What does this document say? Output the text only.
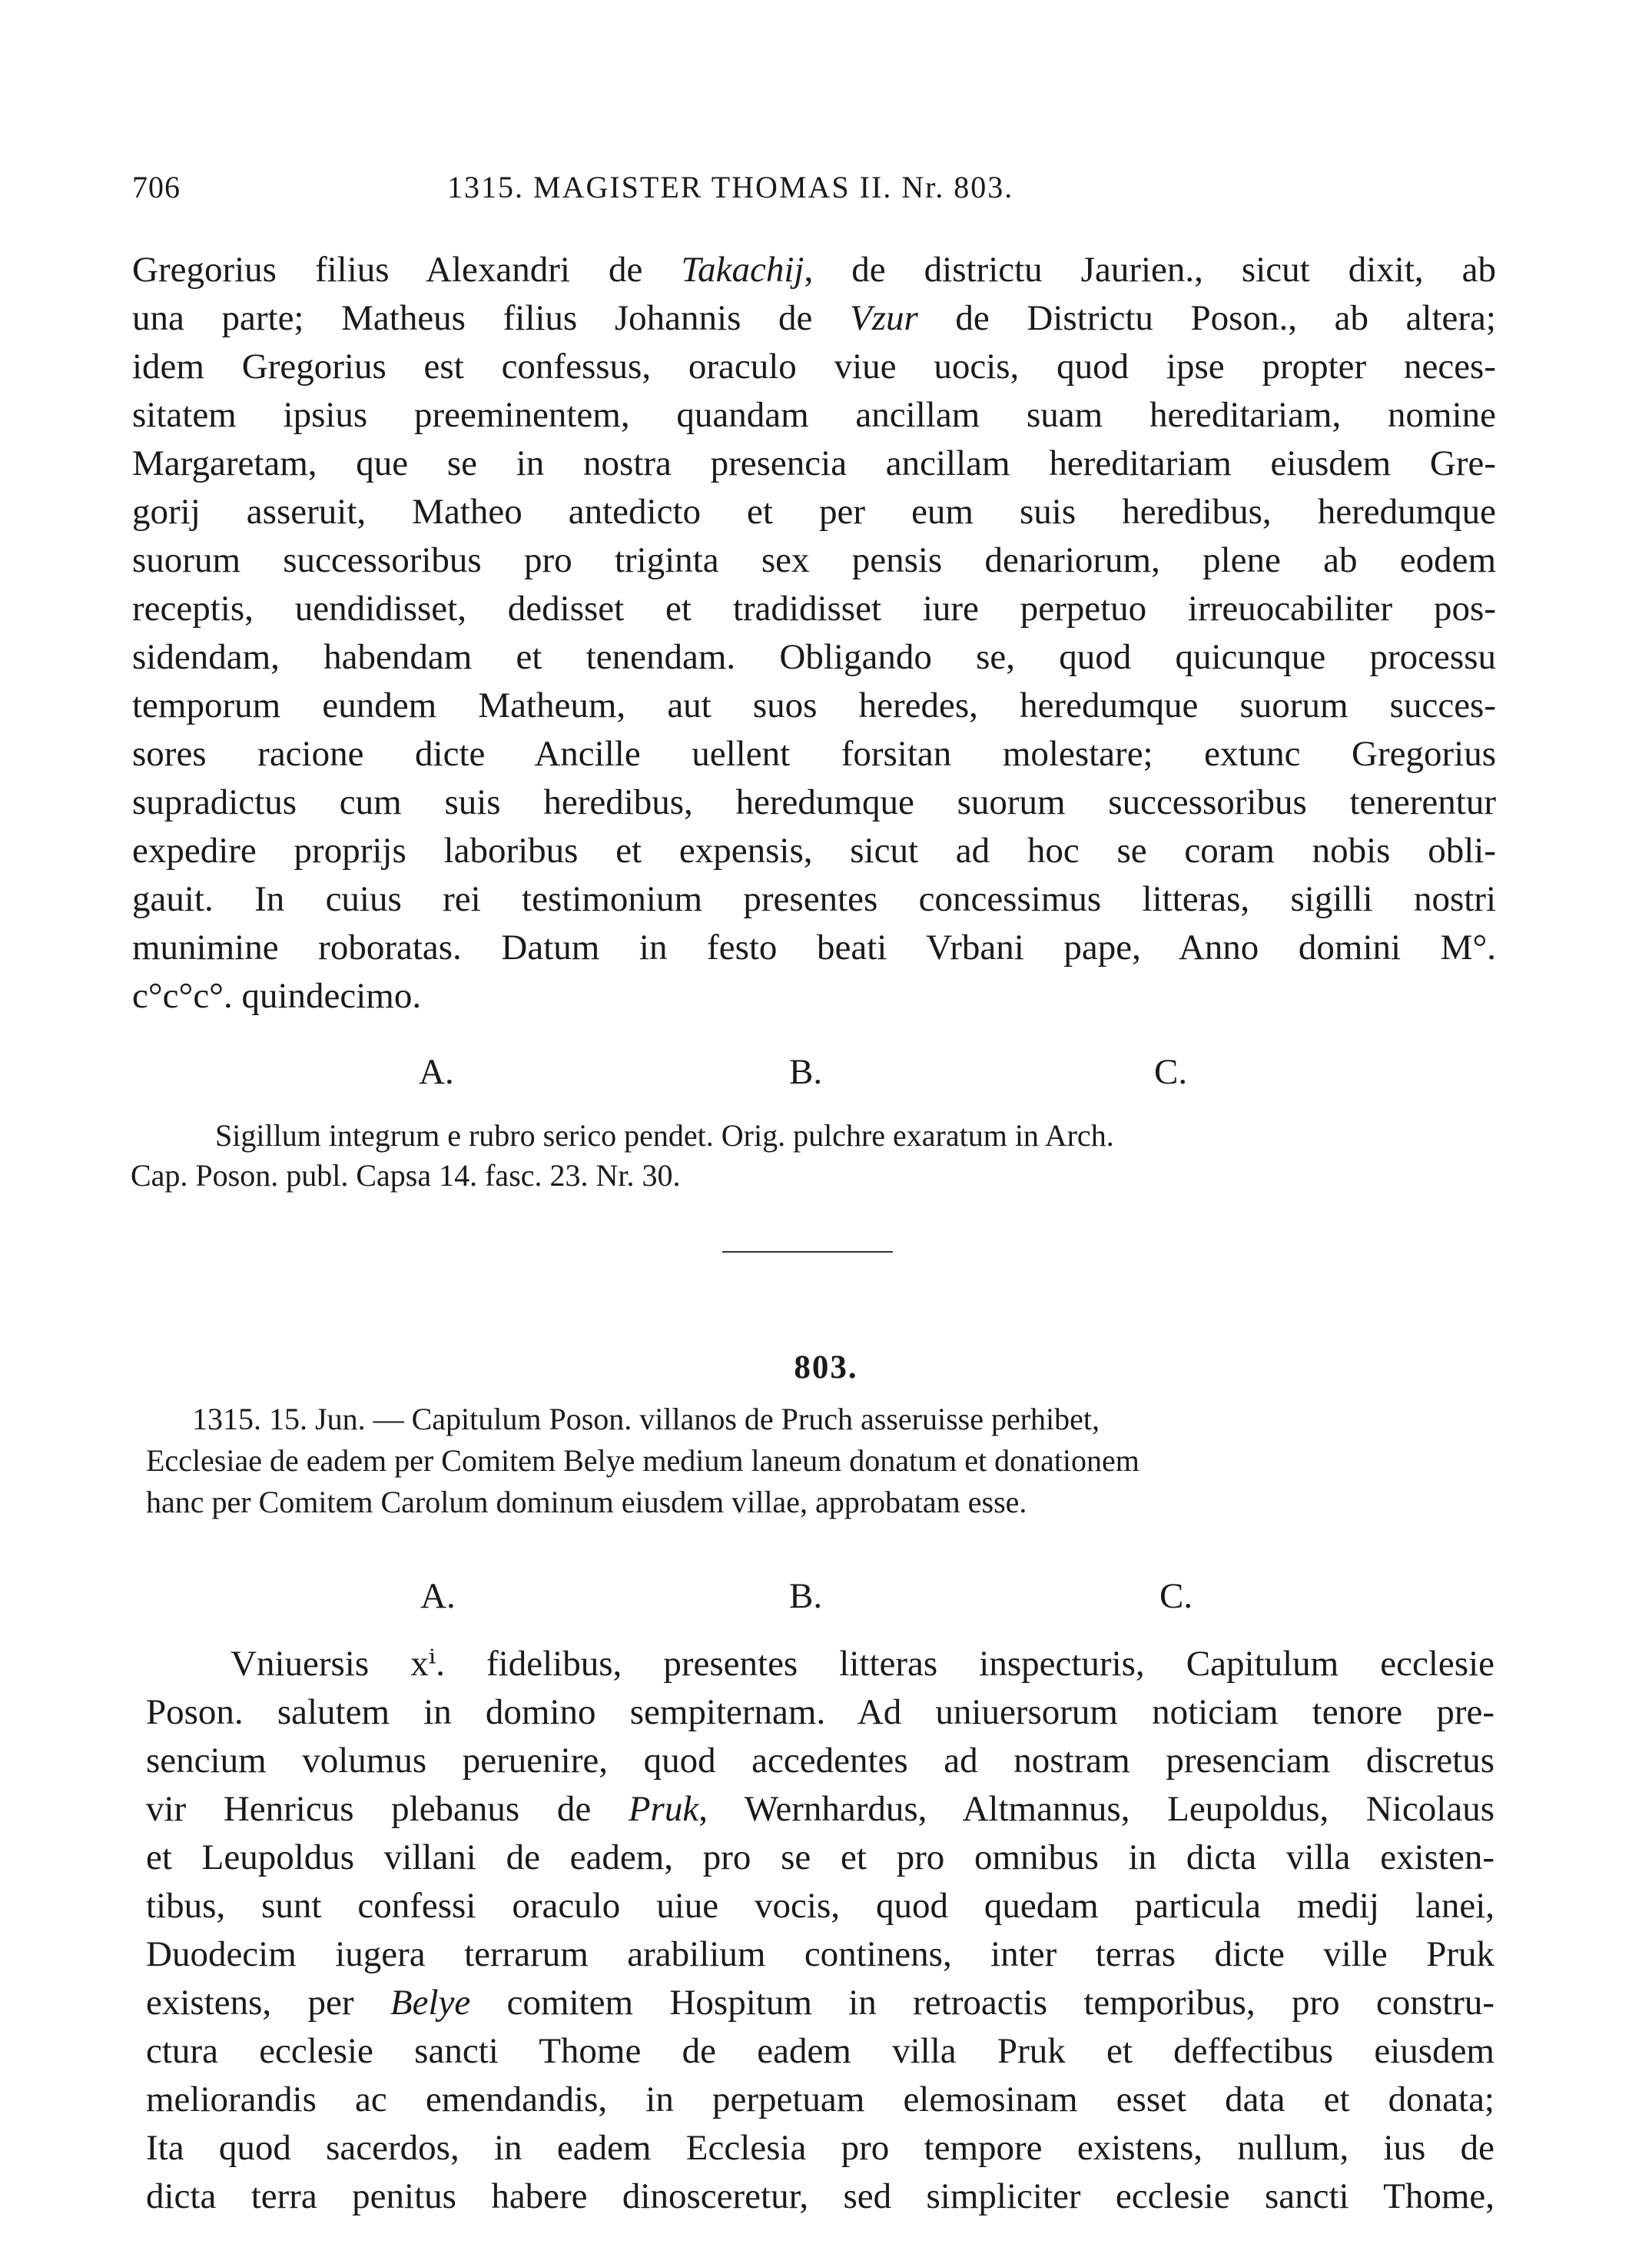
706	1315. MAGISTER THOMAS II. Nr. 803.
Gregorius filius Alexandri de Takachij, de districtu Jaurien., sicut dixit, ab
una parte; Matheus filius Johannis de Vzur de Districtu Poson., ab altera;
idem Gregorius est confessus, oraculo viue uocis, quod ipse propter neces-
sitatem ipsius preeminentem, quandam ancillam suam hereditariam, nomine
Margaretam, que se in nostra presencia ancillam hereditariam eiusdem Gre-
gorij asseruit, Matheo antedicto et per eum suis heredibus, heredumque
suorum successoribus pro triginta sex pensis denariorum, plene ab eodem
receptis, uendidisset, dedisset et tradidisset iure perpetuo irreuocabiliter pos-
sidendam, habendam et tenendam. Obligando se, quod quicunque processu
temporum eundem Matheum, aut suos heredes, heredumque suorum succes-
sores racione dicte Ancille uellent forsitan molestare; extunc Gregorius
supradictus cum suis heredibus, heredumque suorum successoribus tenerentur
expedire proprijs laboribus et expensis, sicut ad hoc se coram nobis obli-
gauit. In cuius rei testimonium presentes concessimus litteras, sigilli nostri
munimine roboratas. Datum in festo beati Vrbani pape, Anno domini M°.
c°c°c°. quindecimo.
A.	B.	C.
Sigillum integrum e rubro serico pendet. Orig. pulchre exaratum in Arch.
Cap. Poson. publ. Capsa 14. fasc. 23. Nr. 30.
803.
1315. 15. Jun. — Capitulum Poson. villanos de Pruch asseruisse perhibet,
Ecclesiae de eadem per Comitem Belye medium laneum donatum et donationem
hanc per Comitem Carolum dominum eiusdem villae, approbatam esse.
A.	B.	C.
Vniuersis xⁱ. fidelibus, presentes litteras inspecturis, Capitulum ecclesie
Poson. salutem in domino sempiternam. Ad uniuersorum noticiam tenore pre-
sencium volumus peruenire, quod accedentes ad nostram presenciam discretus
vir Henricus plebanus de Pruk, Wernhardus, Altmannus, Leupoldus, Nicolaus
et Leupoldus villani de eadem, pro se et pro omnibus in dicta villa existen-
tibus, sunt confessi oraculo uiue vocis, quod quedam particula medij lanei,
Duodecim iugera terrarum arabilium continens, inter terras dicte ville Pruk
existens, per Belye comitem Hospitum in retroactis temporibus, pro constru-
ctura ecclesie sancti Thome de eadem villa Pruk et deffectibus eiusdem
meliorandis ac emendandis, in perpetuam elemosinam esset data et donata;
Ita quod sacerdos, in eadem Ecclesia pro tempore existens, nullum, ius de
dicta terra penitus habere dinosceretur, sed simpliciter ecclesie sancti Thome,
